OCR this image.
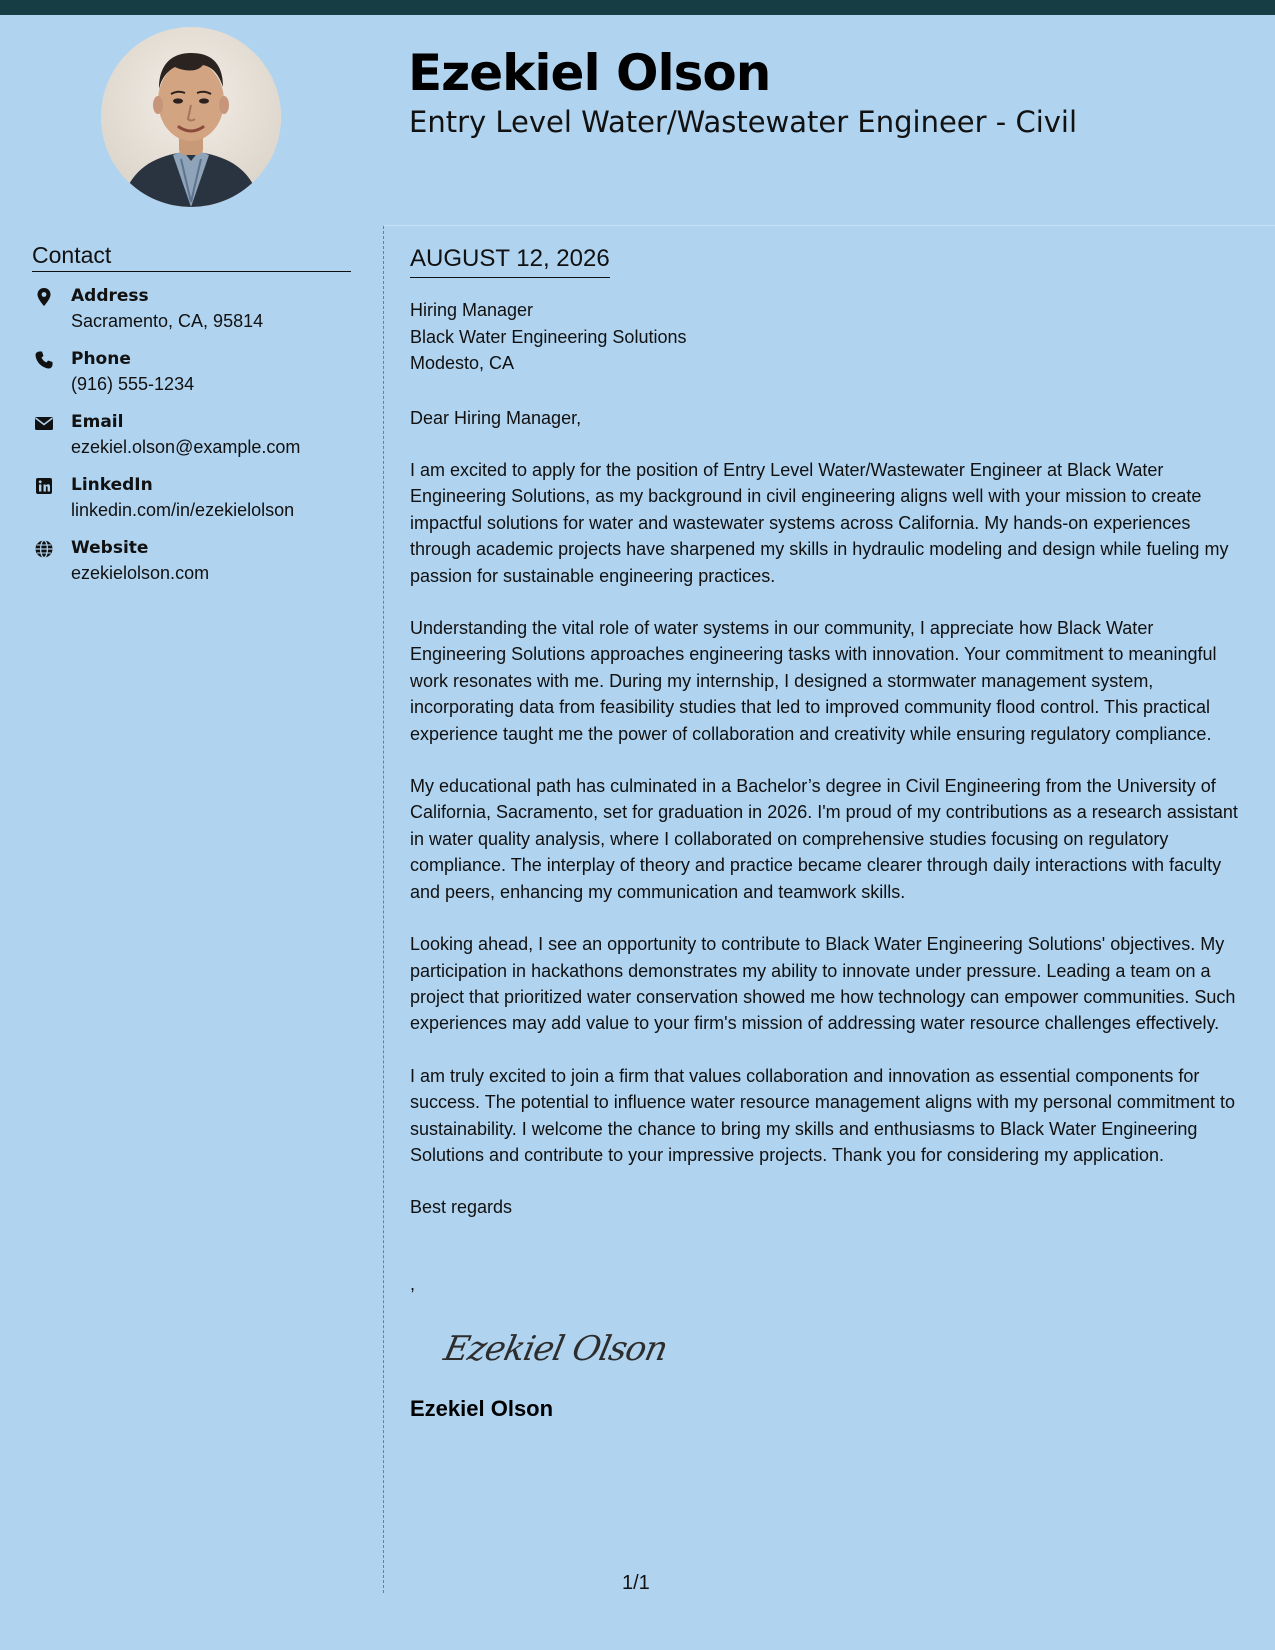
Ezekiel Olson
Entry Level Water/Wastewater Engineer - Civil
Contact
Address
Sacramento, CA, 95814
Phone
(916) 555-1234
Email
ezekiel.olson@example.com
LinkedIn
linkedin.com/in/ezekielolson
Website
ezekielolson.com
AUGUST 12, 2026
Hiring Manager
Black Water Engineering Solutions
Modesto, CA
Dear Hiring Manager,
I am excited to apply for the position of Entry Level Water/Wastewater Engineer at Black Water Engineering Solutions, as my background in civil engineering aligns well with your mission to create impactful solutions for water and wastewater systems across California. My hands-on experiences through academic projects have sharpened my skills in hydraulic modeling and design while fueling my passion for sustainable engineering practices.
Understanding the vital role of water systems in our community, I appreciate how Black Water Engineering Solutions approaches engineering tasks with innovation. Your commitment to meaningful work resonates with me. During my internship, I designed a stormwater management system, incorporating data from feasibility studies that led to improved community flood control. This practical experience taught me the power of collaboration and creativity while ensuring regulatory compliance.
My educational path has culminated in a Bachelor’s degree in Civil Engineering from the University of California, Sacramento, set for graduation in 2026. I'm proud of my contributions as a research assistant in water quality analysis, where I collaborated on comprehensive studies focusing on regulatory compliance. The interplay of theory and practice became clearer through daily interactions with faculty and peers, enhancing my communication and teamwork skills.
Looking ahead, I see an opportunity to contribute to Black Water Engineering Solutions' objectives. My participation in hackathons demonstrates my ability to innovate under pressure. Leading a team on a project that prioritized water conservation showed me how technology can empower communities. Such experiences may add value to your firm's mission of addressing water resource challenges effectively.
I am truly excited to join a firm that values collaboration and innovation as essential components for success. The potential to influence water resource management aligns with my personal commitment to sustainability. I welcome the chance to bring my skills and enthusiasms to Black Water Engineering Solutions and contribute to your impressive projects. Thank you for considering my application.
Best regards
,
Ezekiel Olson
Ezekiel Olson
1/1
